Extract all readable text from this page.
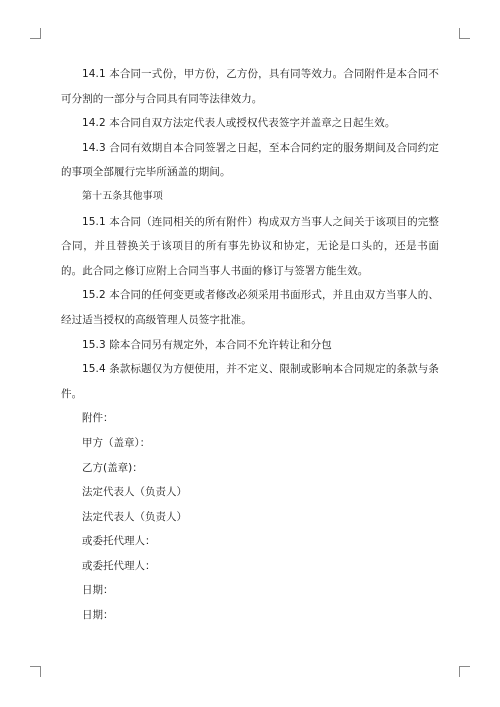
14.1 本合同一式份，甲方份，乙方份，具有同等效力。合同附件是本合同不可分割的一部分与合同具有同等法律效力。

14.2 本合同自双方法定代表人或授权代表签字并盖章之日起生效。

14.3 合同有效期自本合同签署之日起，至本合同约定的服务期间及合同约定的事项全部履行完毕所涵盖的期间。

第十五条其他事项

15.1 本合同（连同相关的所有附件）构成双方当事人之间关于该项目的完整合同，并且替换关于该项目的所有事先协议和协定，无论是口头的，还是书面的。此合同之修订应附上合同当事人书面的修订与签署方能生效。

15.2 本合同的任何变更或者修改必须采用书面形式，并且由双方当事人的、经过适当授权的高级管理人员签字批准。

15.3 除本合同另有规定外，本合同不允许转让和分包

15.4 条款标题仅为方便使用，并不定义、限制或影响本合同规定的条款与条件。

附件：

甲方（盖章）：

乙方(盖章)：

法定代表人（负责人）

法定代表人（负责人）

或委托代理人：

或委托代理人：

日期：

日期：
